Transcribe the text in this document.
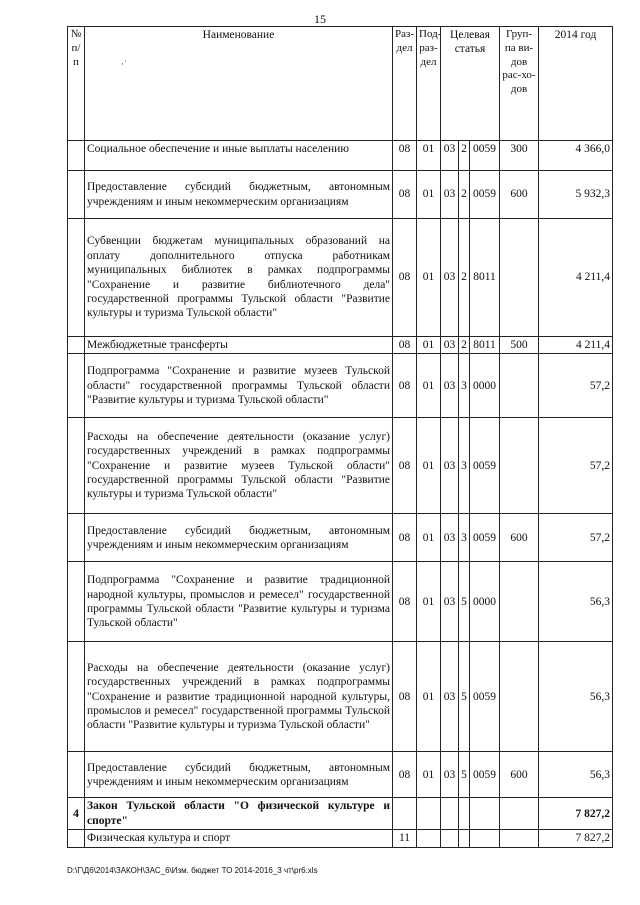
15
·˙
№ п/п	Наименование	Раз-дел	Под-раз-дел	Целевая статья			Груп-па ви-дов рас-хо-дов	2014 год
	Социальное обеспечение и иные выплаты населению	08	01	03	2	0059	300	4 366,0
	Предоставление субсидий бюджетным, автономным учреждениям и иным некоммерческим организациям	08	01	03	2	0059	600	5 932,3
	Субвенции бюджетам муниципальных образований на оплату дополнительного отпуска работникам муниципальных библиотек в рамках подпрограммы "Сохранение и развитие библиотечного дела" государственной программы Тульской области "Развитие культуры и туризма Тульской области"	08	01	03	2	8011		4 211,4
	Межбюджетные трансферты	08	01	03	2	8011	500	4 211,4
	Подпрограмма "Сохранение и развитие музеев Тульской области" государственной программы Тульской области "Развитие культуры и туризма Тульской области"	08	01	03	3	0000		57,2
	Расходы на обеспечение деятельности (оказание услуг) государственных учреждений в рамках подпрограммы "Сохранение и развитие музеев Тульской области" государственной программы Тульской области "Развитие культуры и туризма Тульской области"	08	01	03	3	0059		57,2
	Предоставление субсидий бюджетным, автономным учреждениям и иным некоммерческим организациям	08	01	03	3	0059	600	57,2
	Подпрограмма "Сохранение и развитие традиционной народной культуры, промыслов и ремесел" государственной программы Тульской области "Развитие культуры и туризма Тульской области"	08	01	03	5	0000		56,3
	Расходы на обеспечение деятельности (оказание услуг) государственных учреждений в рамках подпрограммы "Сохранение и развитие традиционной народной культуры, промыслов и ремесел" государственной программы Тульской области "Развитие культуры и туризма Тульской области"	08	01	03	5	0059		56,3
	Предоставление субсидий бюджетным, автономным учреждениям и иным некоммерческим организациям	08	01	03	5	0059	600	56,3
4	Закон Тульской области "О физической культуре и спорте"							7 827,2
	Физическая культура и спорт	11						7 827,2
D:\Г\Д6\2014\ЗАКОН\ЗАС_6\Изм. бюджет ТО 2014-2016_3 чт\pr6.xls
